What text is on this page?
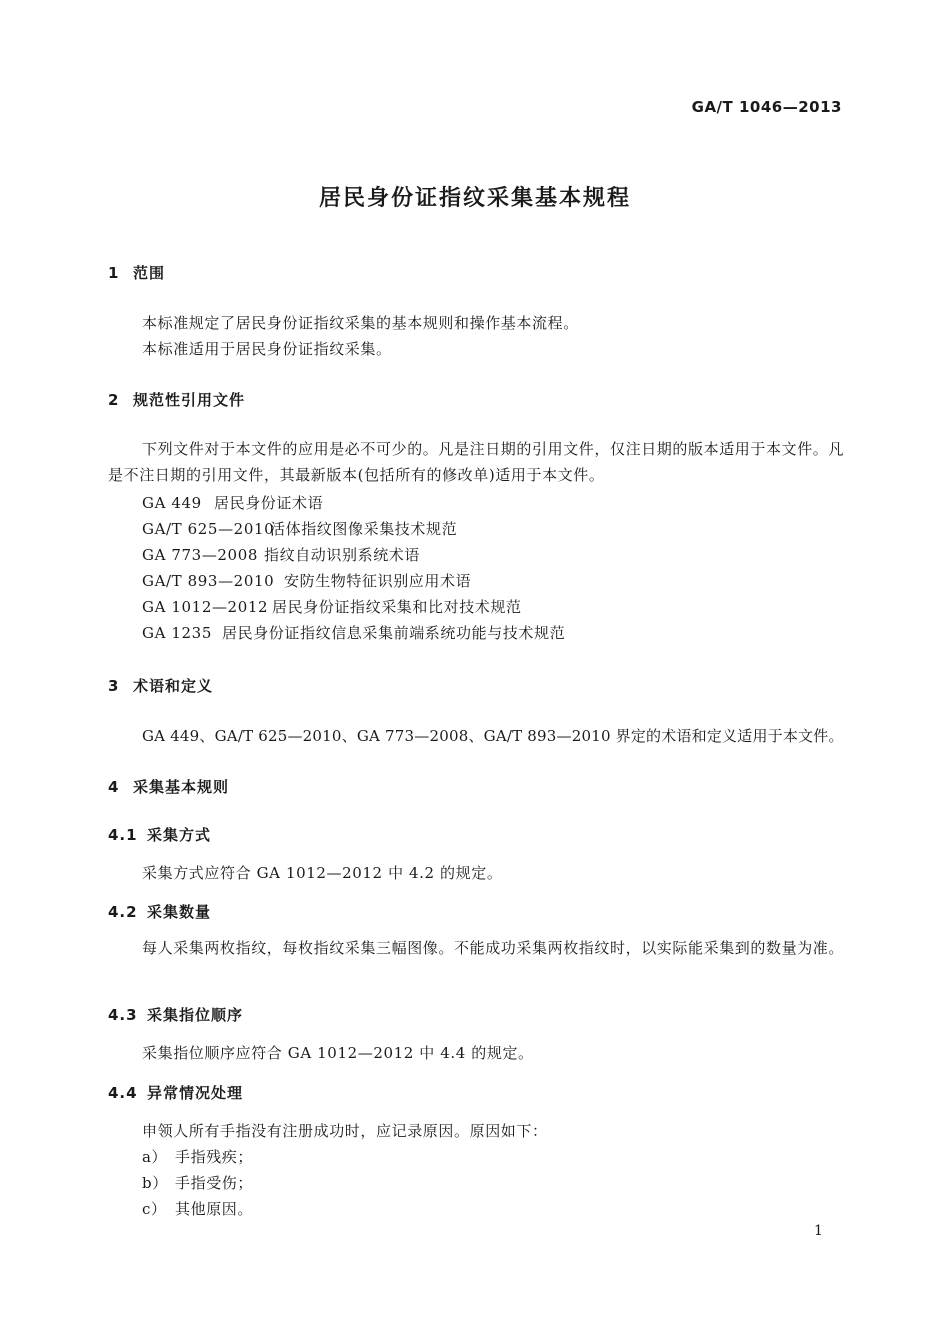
GA/T 1046—2013
居民身份证指纹采集基本规程
1 范围
本标准规定了居民身份证指纹采集的基本规则和操作基本流程。
本标准适用于居民身份证指纹采集。
2 规范性引用文件
下列文件对于本文件的应用是必不可少的。凡是注日期的引用文件，仅注日期的版本适用于本文件。凡是不注日期的引用文件，其最新版本(包括所有的修改单)适用于本文件。
GA 449 居民身份证术语
GA/T 625—2010活体指纹图像采集技术规范
GA 773—2008 指纹自动识别系统术语
GA/T 893—2010 安防生物特征识别应用术语
GA 1012—2012 居民身份证指纹采集和比对技术规范
GA 1235 居民身份证指纹信息采集前端系统功能与技术规范
3 术语和定义
GA 449、GA/T 625—2010、GA 773—2008、GA/T 893—2010 界定的术语和定义适用于本文件。
4 采集基本规则
4.1 采集方式
采集方式应符合 GA 1012—2012 中 4.2 的规定。
4.2 采集数量
每人采集两枚指纹，每枚指纹采集三幅图像。不能成功采集两枚指纹时，以实际能采集到的数量为准。
4.3 采集指位顺序
采集指位顺序应符合 GA 1012—2012 中 4.4 的规定。
4.4 异常情况处理
申领人所有手指没有注册成功时，应记录原因。原因如下：
a） 手指残疾；
b） 手指受伤；
c） 其他原因。
1
